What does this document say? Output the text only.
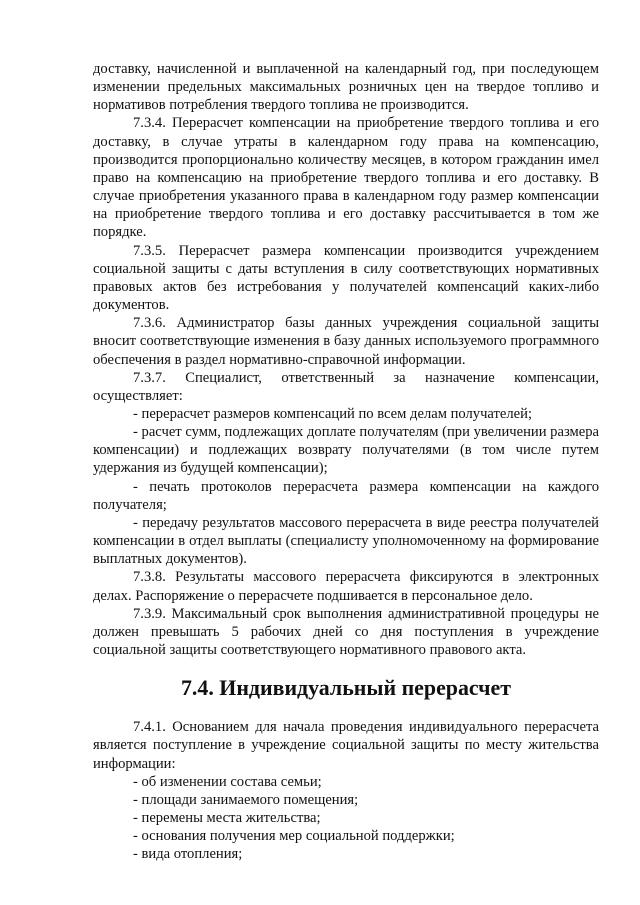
доставку, начисленной и выплаченной на календарный год, при последующем изменении предельных максимальных розничных цен на твердое топливо и нормативов потребления твердого топлива не производится.

7.3.4. Перерасчет компенсации на приобретение твердого топлива и его доставку, в случае утраты в календарном году права на компенсацию, производится пропорционально количеству месяцев, в котором гражданин имел право на компенсацию на приобретение твердого топлива и его доставку. В случае приобретения указанного права в календарном году размер компенсации на приобретение твердого топлива и его доставку рассчитывается в том же порядке.

7.3.5. Перерасчет размера компенсации производится учреждением социальной защиты с даты вступления в силу соответствующих нормативных правовых актов без истребования у получателей компенсаций каких-либо документов.

7.3.6. Администратор базы данных учреждения социальной защиты вносит соответствующие изменения в базу данных используемого программного обеспечения в раздел нормативно-справочной информации.

7.3.7. Специалист, ответственный за назначение компенсации, осуществляет:

- перерасчет размеров компенсаций по всем делам получателей;

- расчет сумм, подлежащих доплате получателям (при увеличении размера компенсации) и подлежащих возврату получателями (в том числе путем удержания из будущей компенсации);

- печать протоколов перерасчета размера компенсации на каждого получателя;

- передачу результатов массового перерасчета в виде реестра получателей компенсации в отдел выплаты (специалисту уполномоченному на формирование выплатных документов).

7.3.8. Результаты массового перерасчета фиксируются в электронных делах. Распоряжение о перерасчете подшивается в персональное дело.

7.3.9. Максимальный срок выполнения административной процедуры не должен превышать 5 рабочих дней со дня поступления в учреждение социальной защиты соответствующего нормативного правового акта.

7.4. Индивидуальный перерасчет

7.4.1. Основанием для начала проведения индивидуального перерасчета является поступление в учреждение социальной защиты по месту жительства информации:

- об изменении состава семьи;

- площади занимаемого помещения;

- перемены места жительства;

- основания получения мер социальной поддержки;

- вида отопления;
